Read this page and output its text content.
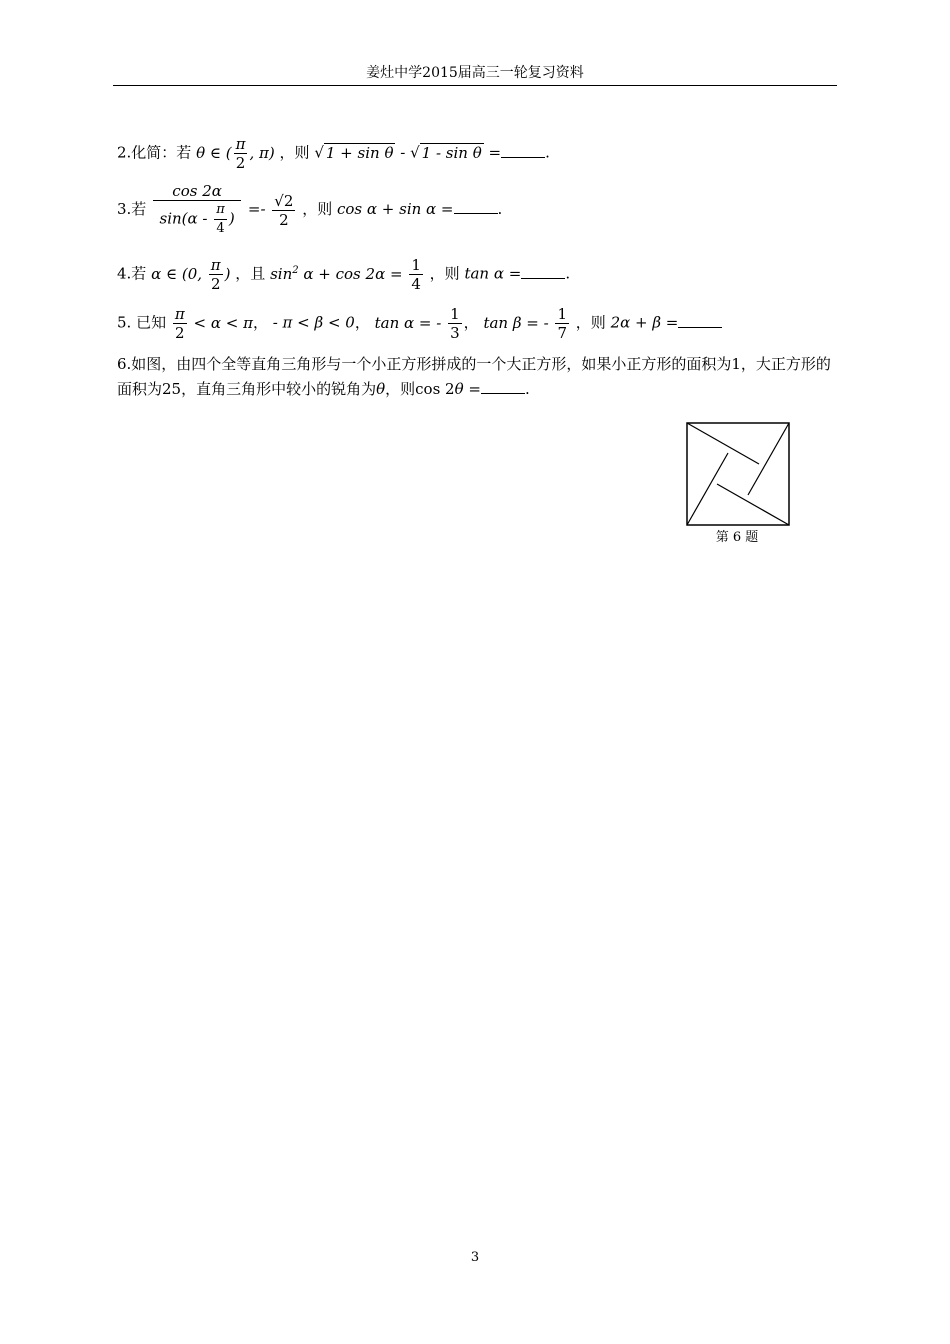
姜灶中学2015届高三一轮复习资料
2.化简：若 θ ∈ ( $\frac{\pi}{2}$ , π) ，则 √ 1 + sin θ - √ 1 - sin θ =	.
3.若 $\frac{\cos 2\alpha}{\sin(\alpha - \frac{\pi}{4} )} =- \frac{√2}{2}$ ，则 cos α + sin α =	.
4.若 α ∈ (0, $\frac{\pi}{2}$ ) ，且 $\sin^2 \alpha + \cos 2\alpha = \frac{1}{4}$ ，则 tan α =	.
5. 已知 $\frac{\pi}{2} < \alpha < \pi$， - π < β < 0， tan α = - $\frac{1}{3}$ ， tan β = - $\frac{1}{7}$ ，则 2α + β =
6.如图，由四个全等直角三角形与一个小正方形拼成的一个大正方形，如果小正方形的面积为1，大正方形的面积为25，直角三角形中较小的锐角为θ，则cos 2θ =	.
第 6 题
3
